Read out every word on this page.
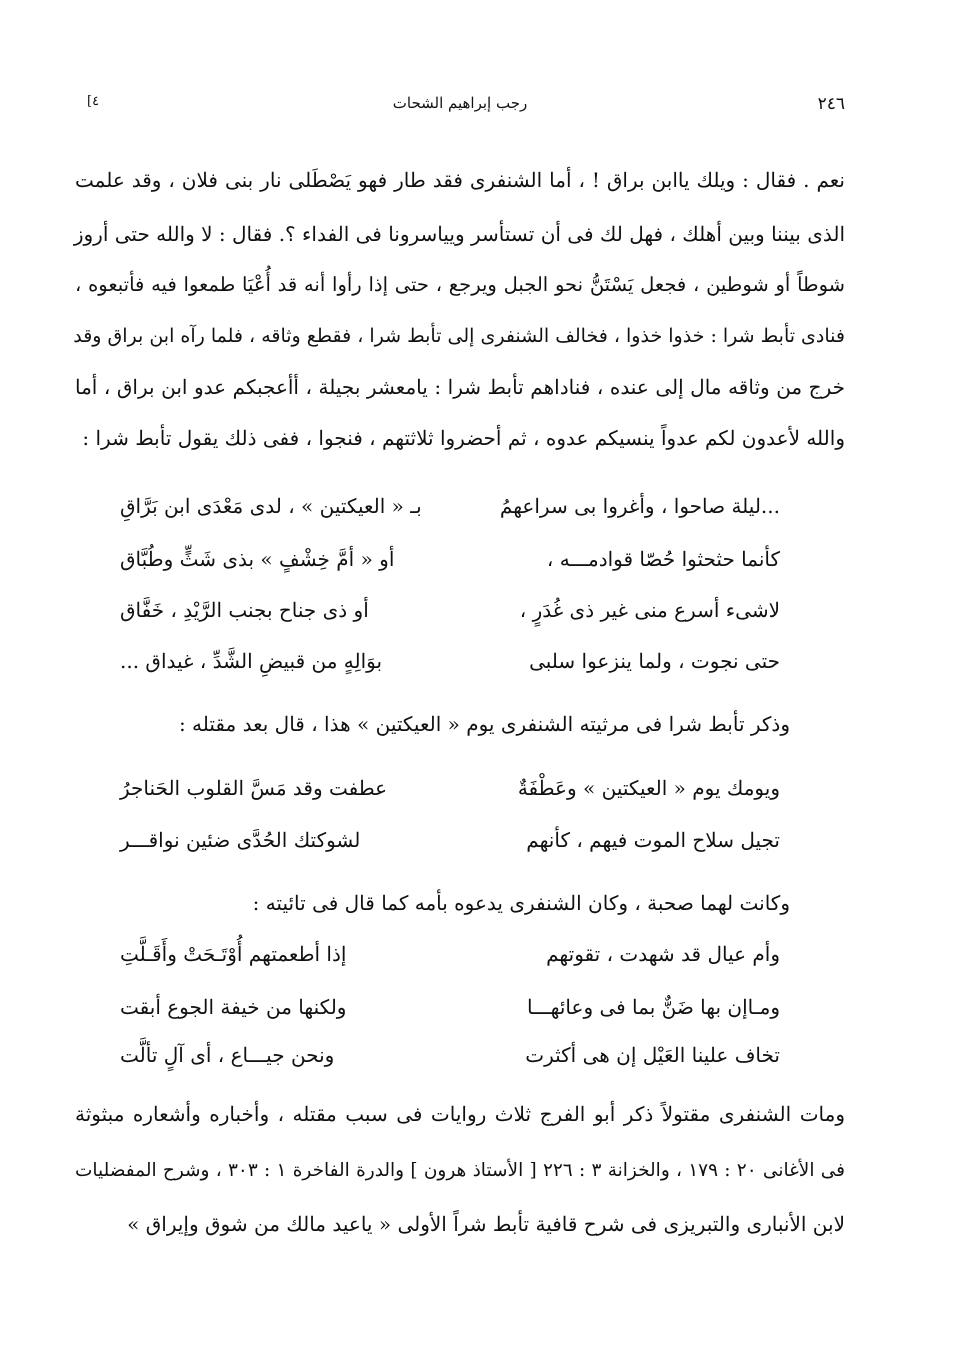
٢٤٦
رجب إبراهيم الشحات
[٤
نعم . فقال : ويلك ياابن براق ! ، أما الشنفرى فقد طار فهو يَصْطَلى نار بنى فلان ، وقد علمت
الذى بيننا وبين أهلك ، فهل لك فى أن تستأسر ويياسرونا فى الفداء ؟. فقال : لا والله حتى أروز
شوطاً أو شوطين ، فجعل يَسْتَنُّ نحو الجبل ويرجع ، حتى إذا رأوا أنه قد أُعْيَا طمعوا فيه فأتبعوه ،
فنادى تأبط شرا : خذوا خذوا ، فخالف الشنفرى إلى تأبط شرا ، فقطع وثاقه ، فلما رآه ابن براق وقد
خرج من وثاقه مال إلى عنده ، فناداهم تأبط شرا : يامعشر بجيلة ، أأعجبكم عدو ابن براق ، أما
والله لأعدون لكم عدواً ينسيكم عدوه ، ثم أحضروا ثلاثتهم ، فنجوا ، ففى ذلك يقول تأبط شرا :
...ليلة صاحوا ، وأغروا بى سراعهمُ
بـ « العيكتين » ، لدى مَعْدَى ابن بَرَّاقِ
كأنما حثحثوا حُصّا قوادمـــه ،
أو « أمَّ خِشْفٍ » بذى شَثٍّ وطُبَّاق
لاشىء أسرع منى غير ذى غُدَرٍ ،
أو ذى جناح بجنب الرَّيْدِ ، خَفَّاق
حتى نجوت ، ولما ينزعوا سلبى
بوَالِهٍ من قبيضِ الشَّدِّ ، غيداق ...
وذكر تأبط شرا فى مرثيته الشنفرى يوم « العيكتين » هذا ، قال بعد مقتله :
ويومك يوم « العيكتين » وعَطْفَةٌ
عطفت وقد مَسَّ القلوب الحَناجرُ
تجيل سلاح الموت فيهم ، كأنهم
لشوكتك الحُدَّى ضئين نواقـــر
وكانت لهما صحبة ، وكان الشنفرى يدعوه بأمه كما قال فى تائيته :
وأم عيال قد شهدت ، تقوتهم
إذا أطعمتهم أُوْتَـحَتْ وأَقَـلَّتِ
ومـاإن بها ضَنٌّ بما فى وعائهـــا
ولكنها من خيفة الجوع أبقت
تخاف علينا العَيْل إن هى أكثرت
ونحن جيـــاع ، أى آلٍ تألَّت
ومات الشنفرى مقتولاً ذكر أبو الفرج ثلاث روايات فى سبب مقتله ، وأخباره وأشعاره مبثوثة
فى الأغانى ٢٠ : ١٧٩ ، والخزانة ٣ : ٢٢٦ [ الأستاذ هرون ] والدرة الفاخرة ١ : ٣٠٣ ، وشرح المفضليات
لابن الأنبارى والتبريزى فى شرح قافية تأبط شراً الأولى « ياعيد مالك من شوق وإيراق »
